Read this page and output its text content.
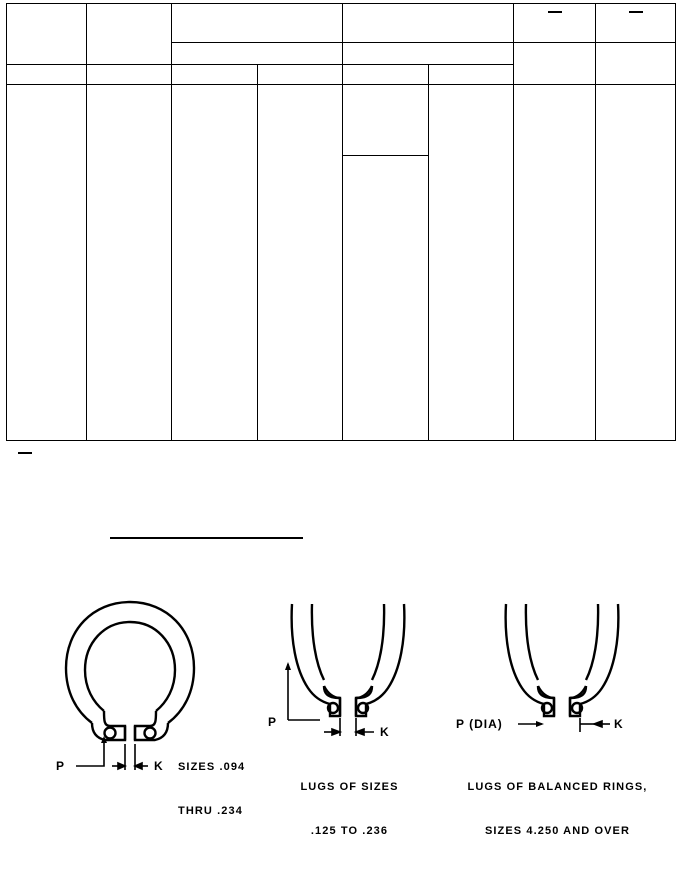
P	K

SIZES .094

THRU .234

P
K

LUGS OF SIZES

.125 TO .236

P (DIA)	K

LUGS OF BALANCED RINGS,

SIZES 4.250 AND OVER
